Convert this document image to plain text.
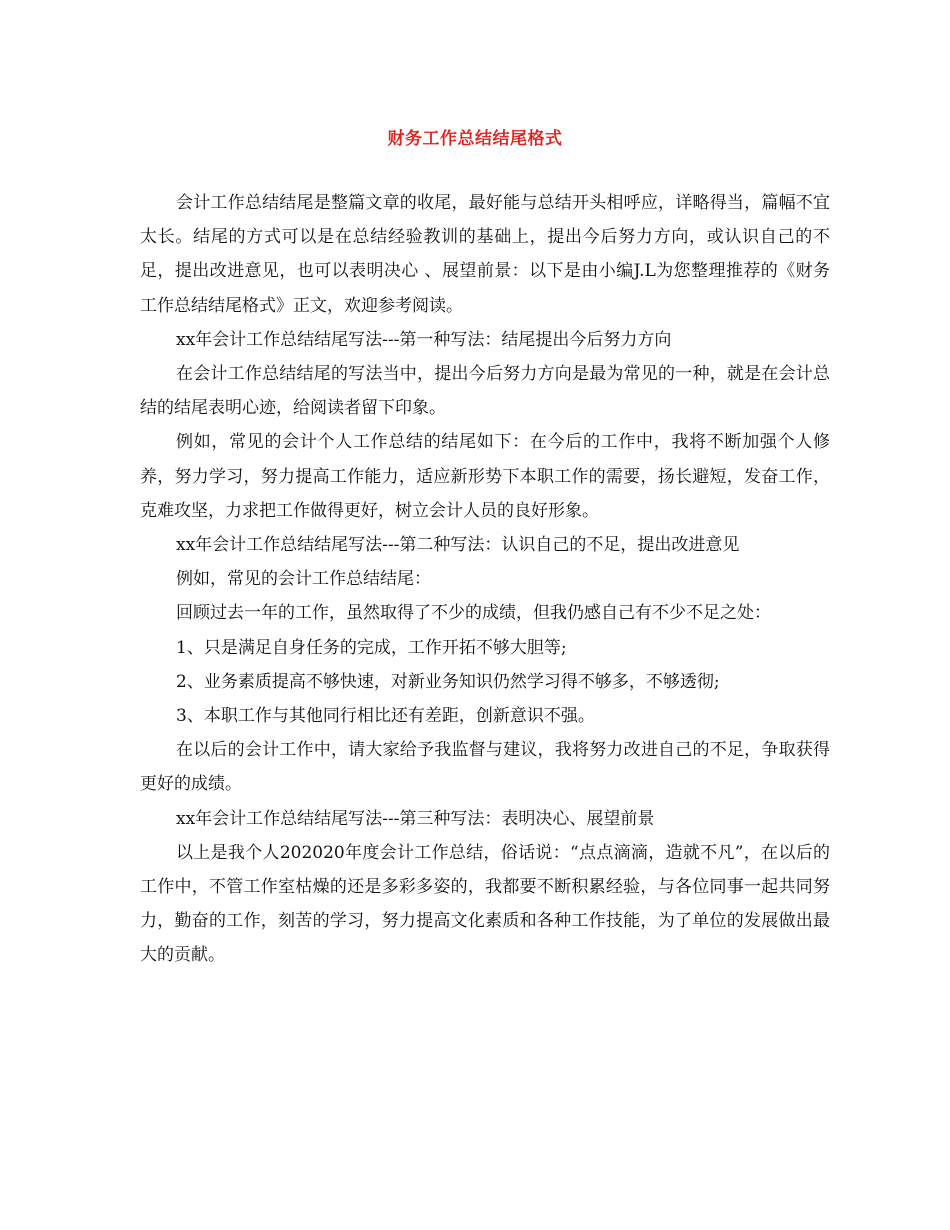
财务工作总结结尾格式

会计工作总结结尾是整篇文章的收尾，最好能与总结开头相呼应，详略得当，篇幅不宜太长。结尾的方式可以是在总结经验教训的基础上，提出今后努力方向，或认识自己的不足，提出改进意见，也可以表明决心 、展望前景：以下是由小编J.L为您整理推荐的《财务工作总结结尾格式》正文，欢迎参考阅读。

xx年会计工作总结结尾写法---第一种写法：结尾提出今后努力方向

在会计工作总结结尾的写法当中，提出今后努力方向是最为常见的一种，就是在会计总结的结尾表明心迹，给阅读者留下印象。

例如，常见的会计个人工作总结的结尾如下：在今后的工作中，我将不断加强个人修养，努力学习，努力提高工作能力，适应新形势下本职工作的需要，扬长避短，发奋工作，克难攻坚，力求把工作做得更好，树立会计人员的良好形象。

xx年会计工作总结结尾写法---第二种写法：认识自己的不足，提出改进意见

例如，常见的会计工作总结结尾：

回顾过去一年的工作，虽然取得了不少的成绩，但我仍感自己有不少不足之处：

1、只是满足自身任务的完成，工作开拓不够大胆等;

2、业务素质提高不够快速，对新业务知识仍然学习得不够多，不够透彻;

3、本职工作与其他同行相比还有差距，创新意识不强。

在以后的会计工作中，请大家给予我监督与建议，我将努力改进自己的不足，争取获得更好的成绩。

xx年会计工作总结结尾写法---第三种写法：表明决心、展望前景

以上是我个人202020年度会计工作总结，俗话说：“点点滴滴，造就不凡”，在以后的工作中，不管工作室枯燥的还是多彩多姿的，我都要不断积累经验，与各位同事一起共同努力，勤奋的工作，刻苦的学习，努力提高文化素质和各种工作技能，为了单位的发展做出最大的贡献。
